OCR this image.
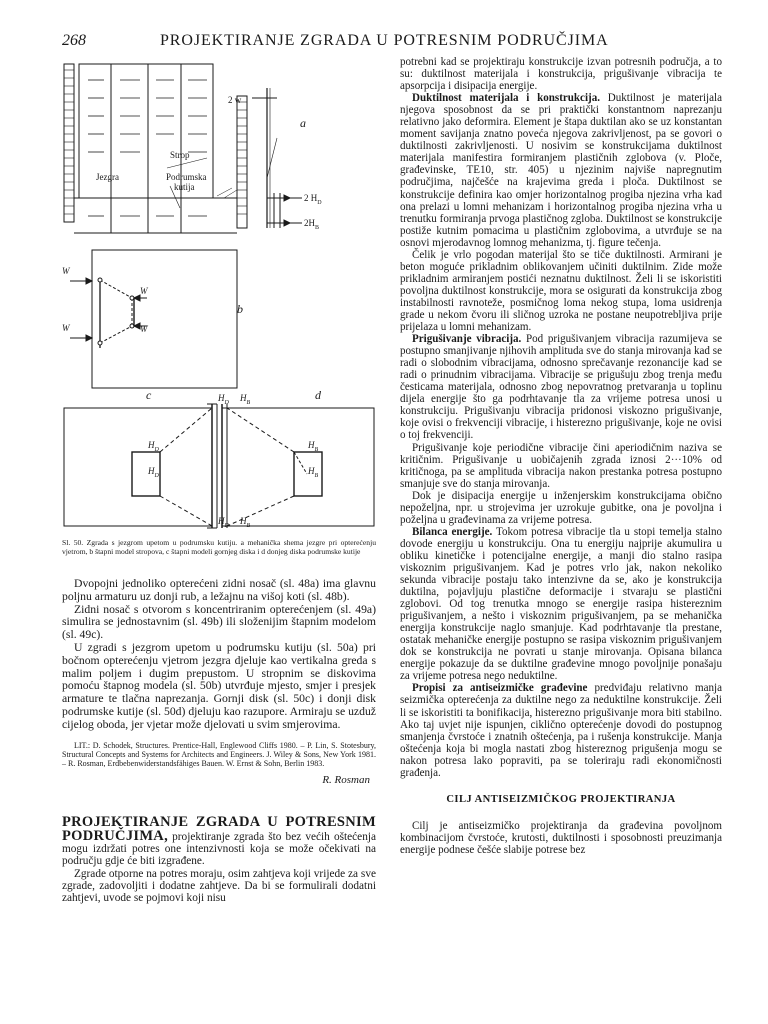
268	PROJEKTIRANJE ZGRADA U POTRESNIM PODRUČJIMA
2 w
a
Strop
Jezgra	Podrumska
kutija
2 $H_D$
$2H_B$
W
W
W
W
b
c	d
$H_D$ $H_B$
$H_D$ $H_B$
$H_D$
$H_D$
$H_B$
$H_B$
Sl. 50. Zgrada s jezgrom upetom u podrumsku kutiju. a mehanička shema jezgre pri opterećenju vjetrom, b štapni model stropova, c štapni modeli gornjeg diska i d donjeg diska podrumske kutije

Dvopojni jednoliko opterećeni zidni nosač (sl. 48a) ima glavnu poljnu armaturu uz donji rub, a ležajnu na višoj koti (sl. 48b).

Zidni nosač s otvorom s koncentriranim opterećenjem (sl. 49a) simulira se jednostavnim (sl. 49b) ili složenijim štapnim modelom (sl. 49c).

U zgradi s jezgrom upetom u podrumsku kutiju (sl. 50a) pri bočnom opterećenju vjetrom jezgra djeluje kao vertikalna greda s malim poljem i dugim prepustom. U stropnim se diskovima pomoću štapnog modela (sl. 50b) utvrđuje mjesto, smjer i presjek armature te tlačna naprezanja. Gornji disk (sl. 50c) i donji disk podrumske kutije (sl. 50d) djeluju kao razupore. Armiraju se uzduž cijelog oboda, jer vjetar može djelovati u svim smjerovima.

LIT.: D. Schodek, Structures. Prentice-Hall, Englewood Cliffs 1980. – P. Lin, S. Stotesbury, Structural Concepts and Systems for Architects and Engineers. J. Wiley & Sons, New York 1981. – R. Rosman, Erdbebenwiderstandsfähiges Bauen. W. Ernst & Sohn, Berlin 1983.
R. Rosman

PROJEKTIRANJE ZGRADA U POTRESNIM PODRUČJIMA, projektiranje zgrada što bez većih oštećenja mogu izdržati potres one intenzivnosti koja se može očekivati na području gdje će biti izgrađene.

Zgrade otporne na potres moraju, osim zahtjeva koji vrijede za sve zgrade, zadovoljiti i dodatne zahtjeve. Da bi se formulirali dodatni zahtjevi, uvode se pojmovi koji nisu

potrebni kad se projektiraju konstrukcije izvan potresnih područja, a to su: duktilnost materijala i konstrukcija, prigušivanje vibracija te apsorpcija i disipacija energije.

Duktilnost materijala i konstrukcija. Duktilnost je materijala njegova sposobnost da se pri praktički konstantnom naprezanju relativno jako deformira. Element je štapa duktilan ako se uz konstantan moment savijanja znatno poveća njegova zakrivljenost, pa se govori o duktilnosti zakrivljenosti. U nosivim se konstrukcijama duktilnost materijala manifestira formiranjem plastičnih zglobova (v. Ploče, građevinske, TE10, str. 405) u njezinim najviše napregnutim područjima, najčešće na krajevima greda i ploča. Duktilnost se konstrukcije definira kao omjer horizontalnog progiba njezina vrha kad ona prelazi u lomni mehanizam i horizontalnog progiba njezina vrha u trenutku formiranja prvoga plastičnog zgloba. Duktilnost se konstrukcije postiže kutnim pomacima u plastičnim zglobovima, a utvrđuje se na osnovi mjerodavnog lomnog mehanizma, tj. figure tečenja.

Čelik je vrlo pogodan materijal što se tiče duktilnosti. Armirani je beton moguće prikladnim oblikovanjem učiniti duktilnim. Zide može prikladnim armiranjem postići neznatnu duktilnost. Želi li se iskoristiti povoljna duktilnost konstrukcije, mora se osigurati da konstrukcija zbog instabilnosti ravnoteže, posmičnog loma nekog stupa, loma usidrenja grade u nekom čvoru ili sličnog uzroka ne postane neupotrebljiva prije prijelaza u lomni mehanizam.

Prigušivanje vibracija. Pod prigušivanjem vibracija razumijeva se postupno smanjivanje njihovih amplituda sve do stanja mirovanja kad se radi o slobodnim vibracijama, odnosno sprečavanje rezonancije kad se radi o prinudnim vibracijama. Vibracije se prigušuju zbog trenja među česticama materijala, odnosno zbog nepovratnog pretvaranja u toplinu dijela energije što ga podrhtavanje tla za vrijeme potresa unosi u konstrukciju. Prigušivanju vibracija pridonosi viskozno prigušivanje, koje ovisi o frekvenciji vibracije, i histerezno prigušivanje, koje ne ovisi o toj frekvenciji.

Prigušivanje koje periodične vibracije čini aperiodičnim naziva se kritičnim. Prigušivanje u uobičajenih zgrada iznosi 2···10% od kritičnoga, pa se amplituda vibracija nakon prestanka potresa postupno smanjuje sve do stanja mirovanja.

Dok je disipacija energije u inženjerskim konstrukcijama obično nepoželjna, npr. u strojevima jer uzrokuje gubitke, ona je povoljna i poželjna u građevinama za vrijeme potresa.

Bilanca energije. Tokom potresa vibracije tla u stopi temelja stalno dovode energiju u konstrukciju. Ona tu energiju najprije akumulira u obliku kinetičke i potencijalne energije, a manji dio stalno rasipa viskoznim prigušivanjem. Kad je potres vrlo jak, nakon nekoliko sekunda vibracije postaju tako intenzivne da se, ako je konstrukcija duktilna, pojavljuju plastične deformacije i stvaraju se plastični zglobovi. Od tog trenutka mnogo se energije rasipa histereznim prigušivanjem, a nešto i viskoznim prigušivanjem, pa se mehanička energija konstrukcije naglo smanjuje. Kad podrhtavanje tla prestane, ostatak mehaničke energije postupno se rasipa viskoznim prigušivanjem dok se konstrukcija ne povrati u stanje mirovanja. Opisana bilanca energije pokazuje da se duktilne građevine mnogo povoljnije ponašaju za vrijeme potresa nego neduktilne.

Propisi za antiseizmičke građevine predviđaju relativno manja seizmička opterećenja za duktilne nego za neduktilne konstrukcije. Želi li se iskoristiti ta bonifikacija, histerezno prigušivanje mora biti stabilno. Ako taj uvjet nije ispunjen, ciklično opterećenje dovodi do postupnog smanjenja čvrstoće i znatnih oštećenja, pa i rušenja konstrukcije. Manja oštećenja koja bi mogla nastati zbog histereznog prigušenja mogu se nakon potresa lako popraviti, pa se toleriraju radi ekonomičnosti građenja.

CILJ ANTISEIZMIČKOG PROJEKTIRANJA

Cilj je antiseizmičko projektiranja da građevina povoljnom kombinacijom čvrstoće, krutosti, duktilnosti i sposobnosti preuzimanja energije podnese češće slabije potrese bez
